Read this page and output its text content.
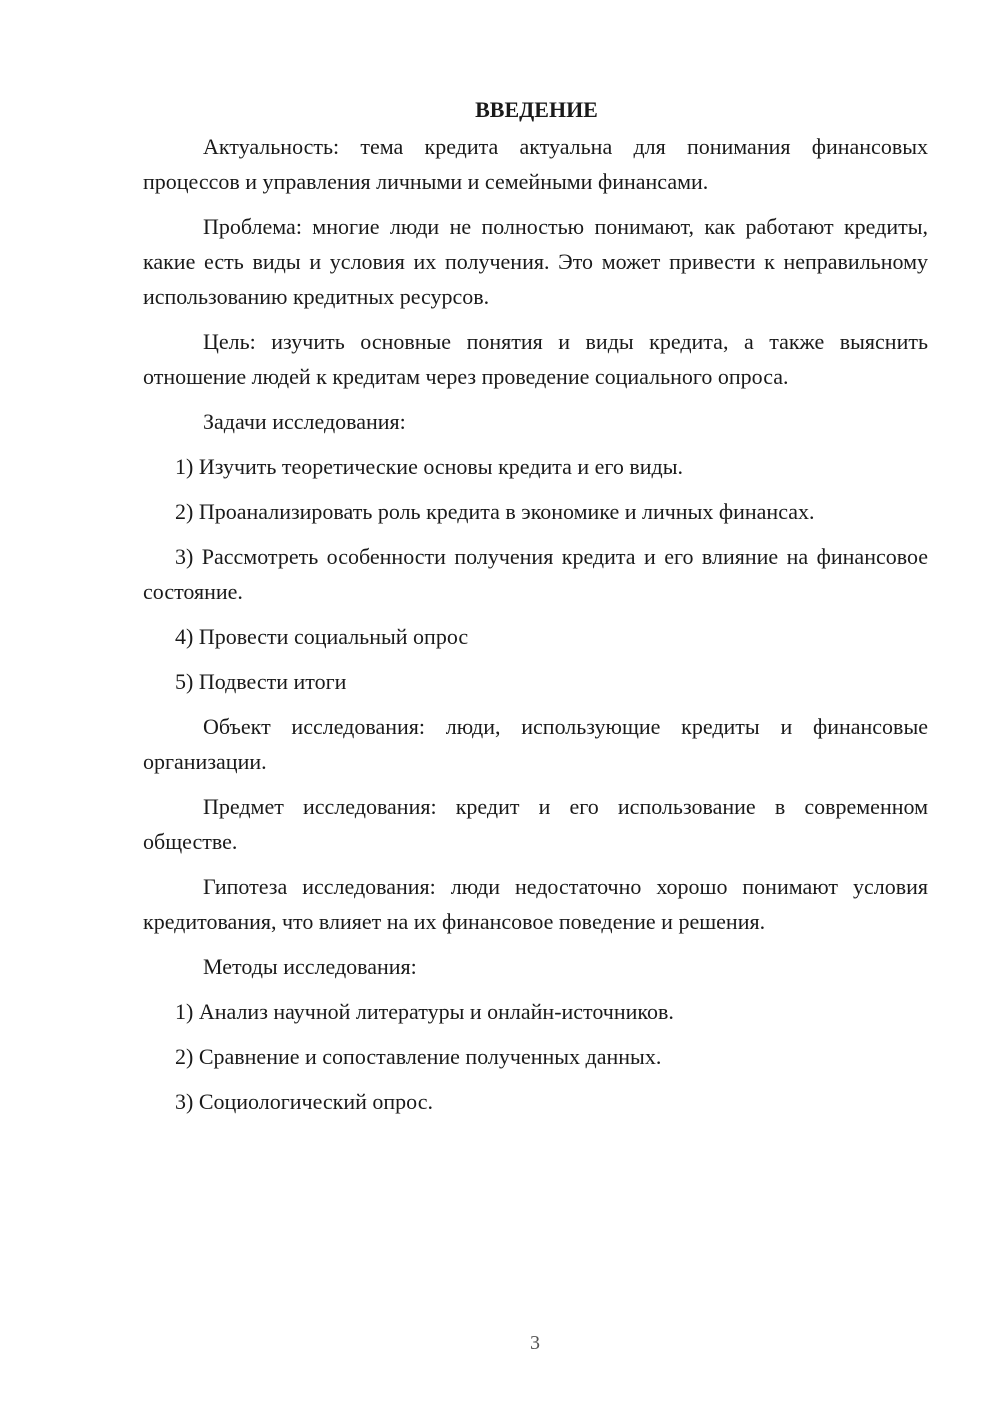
ВВЕДЕНИЕ

Актуальность: тема кредита актуальна для понимания финансовых процессов и управления личными и семейными финансами.

Проблема: многие люди не полностью понимают, как работают кредиты, какие есть виды и условия их получения. Это может привести к неправильному использованию кредитных ресурсов.

Цель: изучить основные понятия и виды кредита, а также выяснить отношение людей к кредитам через проведение социального опроса.

Задачи исследования:

1) Изучить теоретические основы кредита и его виды.

2) Проанализировать роль кредита в экономике и личных финансах.

3) Рассмотреть особенности получения кредита и его влияние на финансовое состояние.

4) Провести социальный опрос

5) Подвести итоги

Объект исследования: люди, использующие кредиты и финансовые организации.

Предмет исследования: кредит и его использование в современном обществе.

Гипотеза исследования: люди недостаточно хорошо понимают условия кредитования, что влияет на их финансовое поведение и решения.

Методы исследования:

1) Анализ научной литературы и онлайн-источников.

2) Сравнение и сопоставление полученных данных.

3) Социологический опрос.

3
